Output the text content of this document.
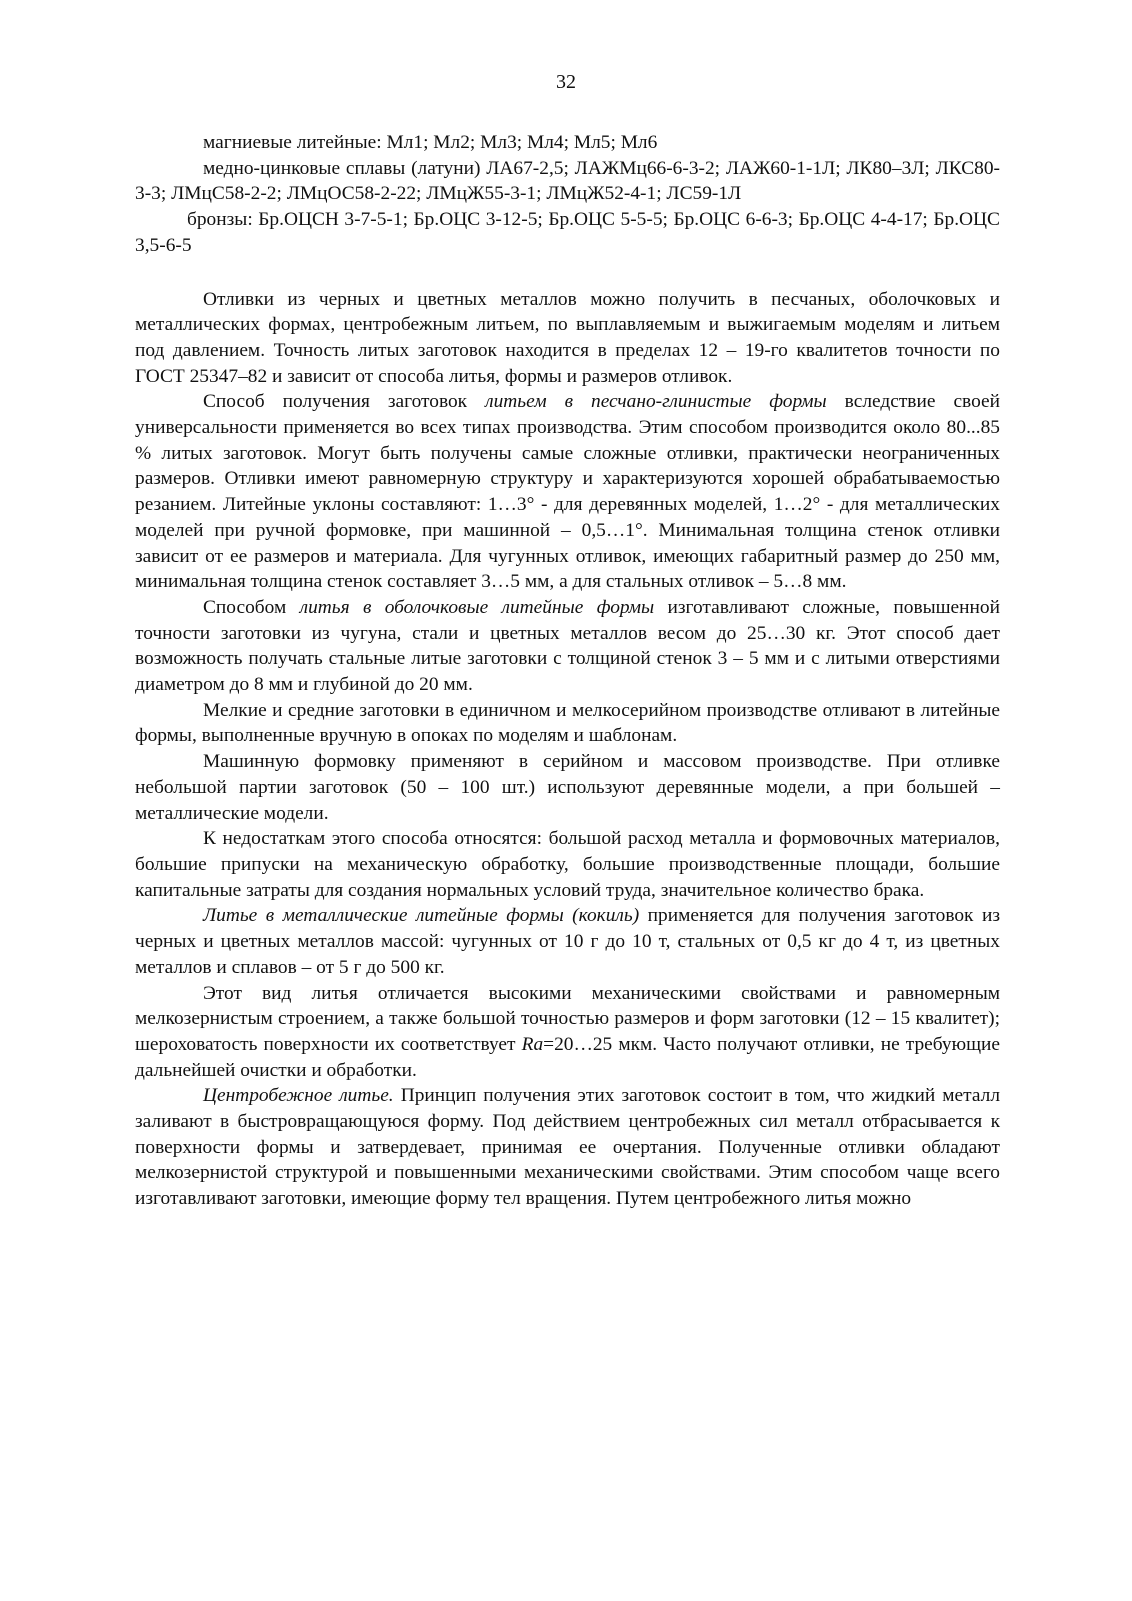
32

магниевые литейные: Мл1; Мл2; Мл3; Мл4; Мл5; Мл6

медно-цинковые сплавы (латуни) ЛА67-2,5; ЛАЖМц66-6-3-2; ЛАЖ60-1-1Л; ЛК80–3Л; ЛКС80-3-3; ЛМцС58-2-2; ЛМцОС58-2-22; ЛМцЖ55-3-1; ЛМцЖ52-4-1; ЛС59-1Л

бронзы: Бр.ОЦСН 3-7-5-1; Бр.ОЦС 3-12-5; Бр.ОЦС 5-5-5; Бр.ОЦС 6-6-3; Бр.ОЦС 4-4-17; Бр.ОЦС 3,5-6-5

Отливки из черных и цветных металлов можно получить в песчаных, оболочковых и металлических формах, центробежным литьем, по выплавляемым и выжигаемым моделям и литьем под давлением. Точность литых заготовок находится в пределах 12 – 19-го квалитетов точности по ГОСТ 25347–82 и зависит от способа литья, формы и размеров отливок.

Способ получения заготовок литьем в песчано-глинистые формы вследствие своей универсальности применяется во всех типах производства. Этим способом производится около 80...85 % литых заготовок. Могут быть получены самые сложные отливки, практически неограниченных размеров. Отливки имеют равномерную структуру и характеризуются хорошей обрабатываемостью резанием. Литейные уклоны составляют: 1…3° - для деревянных моделей, 1…2° - для металлических моделей при ручной формовке, при машинной – 0,5…1°. Минимальная толщина стенок отливки зависит от ее размеров и материала. Для чугунных отливок, имеющих габаритный размер до 250 мм, минимальная толщина стенок составляет 3…5 мм, а для стальных отливок – 5…8 мм.

Способом литья в оболочковые литейные формы изготавливают сложные, повышенной точности заготовки из чугуна, стали и цветных металлов весом до 25…30 кг. Этот способ дает возможность получать стальные литые заготовки с толщиной стенок 3 – 5 мм и с литыми отверстиями диаметром до 8 мм и глубиной до 20 мм.

Мелкие и средние заготовки в единичном и мелкосерийном производстве отливают в литейные формы, выполненные вручную в опоках по моделям и шаблонам.

Машинную формовку применяют в серийном и массовом производстве. При отливке небольшой партии заготовок (50 – 100 шт.) используют деревянные модели, а при большей – металлические модели.

К недостаткам этого способа относятся: большой расход металла и формовочных материалов, большие припуски на механическую обработку, большие производственные площади, большие капитальные затраты для создания нормальных условий труда, значительное количество брака.

Литье в металлические литейные формы (кокиль) применяется для получения заготовок из черных и цветных металлов массой: чугунных от 10 г до 10 т, стальных от 0,5 кг до 4 т, из цветных металлов и сплавов – от 5 г до 500 кг.

Этот вид литья отличается высокими механическими свойствами и равномерным мелкозернистым строением, а также большой точностью размеров и форм заготовки (12 – 15 квалитет); шероховатость поверхности их соответствует Ra=20…25 мкм. Часто получают отливки, не требующие дальнейшей очистки и обработки.

Центробежное литье. Принцип получения этих заготовок состоит в том, что жидкий металл заливают в быстровращающуюся форму. Под действием центробежных сил металл отбрасывается к поверхности формы и затвердевает, принимая ее очертания. Полученные отливки обладают мелкозернистой структурой и повышенными механическими свойствами. Этим способом чаще всего изготавливают заготовки, имеющие форму тел вращения. Путем центробежного литья можно
